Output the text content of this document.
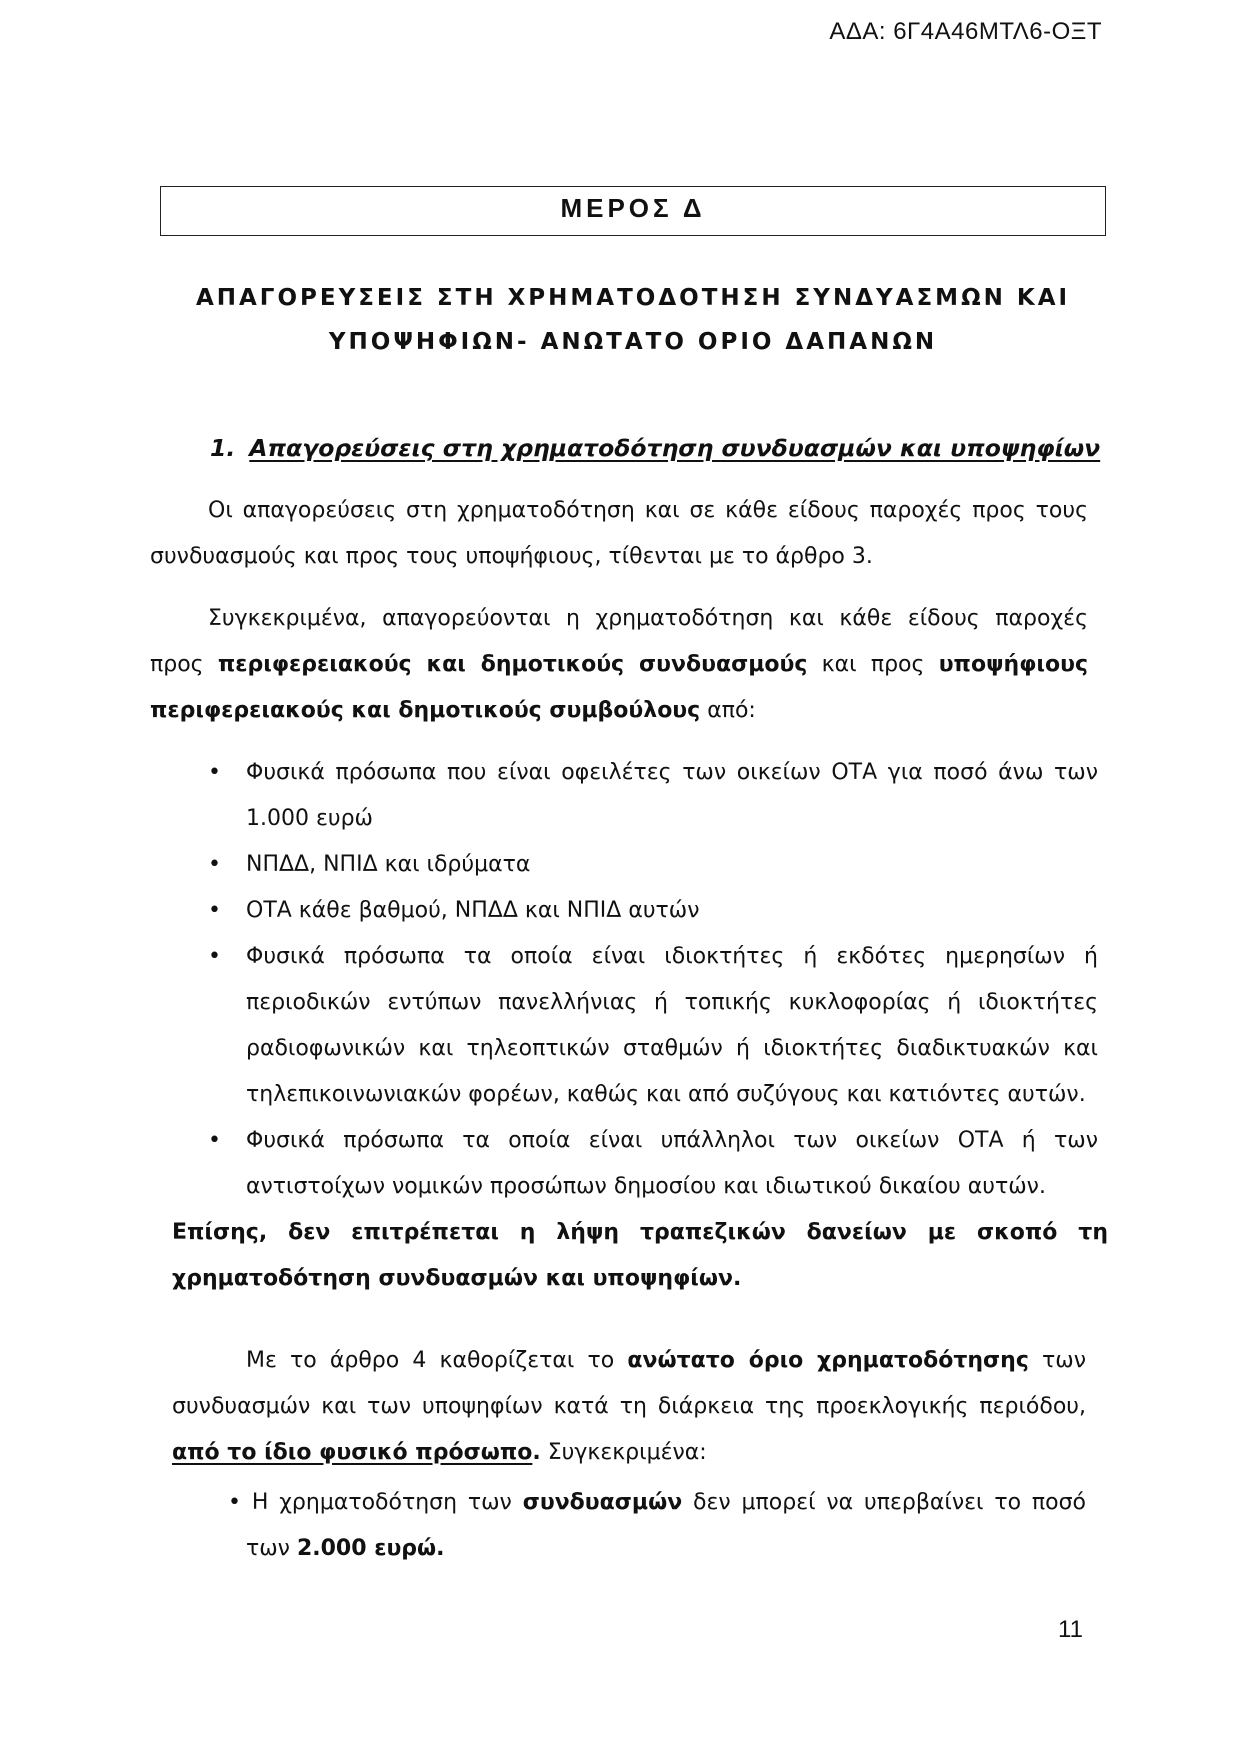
ΑΔΑ: 6Γ4Α46ΜΤΛ6-ΟΞΤ
ΜΕΡΟΣ Δ
ΑΠΑΓΟΡΕΥΣΕΙΣ ΣΤΗ ΧΡΗΜΑΤΟΔΟΤΗΣΗ ΣΥΝΔΥΑΣΜΩΝ ΚΑΙ
ΥΠΟΨΗΦΙΩΝ- ΑΝΩΤΑΤΟ ΟΡΙΟ ΔΑΠΑΝΩΝ
1. Απαγορεύσεις στη χρηματοδότηση συνδυασμών και υποψηφίων
Οι απαγορεύσεις στη χρηματοδότηση και σε κάθε είδους παροχές προς τους συνδυασμούς και προς τους υποψήφιους, τίθενται με το άρθρο 3.
Συγκεκριμένα, απαγορεύονται η χρηματοδότηση και κάθε είδους παροχές προς περιφερειακούς και δημοτικούς συνδυασμούς και προς υποψήφιους περιφερειακούς και δημοτικούς συμβούλους από:
• Φυσικά πρόσωπα που είναι οφειλέτες των οικείων ΟΤΑ για ποσό άνω των 1.000 ευρώ
• ΝΠΔΔ, ΝΠΙΔ και ιδρύματα
• ΟΤΑ κάθε βαθμού, ΝΠΔΔ και ΝΠΙΔ αυτών
• Φυσικά πρόσωπα τα οποία είναι ιδιοκτήτες ή εκδότες ημερησίων ή περιοδικών εντύπων πανελλήνιας ή τοπικής κυκλοφορίας ή ιδιοκτήτες ραδιοφωνικών και τηλεοπτικών σταθμών ή ιδιοκτήτες διαδικτυακών και τηλεπικοινωνιακών φορέων, καθώς και από συζύγους και κατιόντες αυτών.
• Φυσικά πρόσωπα τα οποία είναι υπάλληλοι των οικείων ΟΤΑ ή των αντιστοίχων νομικών προσώπων δημοσίου και ιδιωτικού δικαίου αυτών.
Επίσης, δεν επιτρέπεται η λήψη τραπεζικών δανείων με σκοπό τη χρηματοδότηση συνδυασμών και υποψηφίων.
Με το άρθρο 4 καθορίζεται το ανώτατο όριο χρηματοδότησης των συνδυασμών και των υποψηφίων κατά τη διάρκεια της προεκλογικής περιόδου, από το ίδιο φυσικό πρόσωπο. Συγκεκριμένα:
• Η χρηματοδότηση των συνδυασμών δεν μπορεί να υπερβαίνει το ποσό των 2.000 ευρώ.
11
